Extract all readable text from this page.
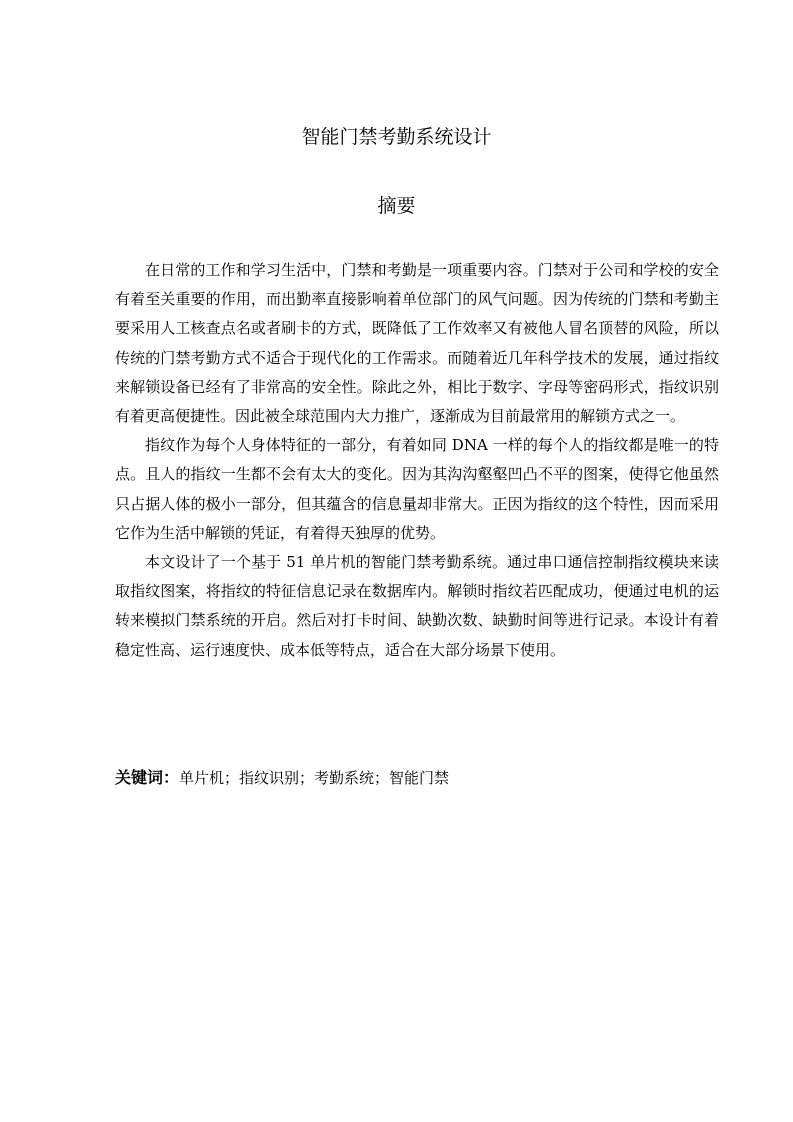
智能门禁考勤系统设计
摘要

在日常的工作和学习生活中，门禁和考勤是一项重要内容。门禁对于公司和学校的安全有着至关重要的作用，而出勤率直接影响着单位部门的风气问题。因为传统的门禁和考勤主要采用人工核查点名或者刷卡的方式，既降低了工作效率又有被他人冒名顶替的风险，所以传统的门禁考勤方式不适合于现代化的工作需求。而随着近几年科学技术的发展，通过指纹来解锁设备已经有了非常高的安全性。除此之外，相比于数字、字母等密码形式，指纹识别有着更高便捷性。因此被全球范围内大力推广，逐渐成为目前最常用的解锁方式之一。

指纹作为每个人身体特征的一部分，有着如同 DNA 一样的每个人的指纹都是唯一的特点。且人的指纹一生都不会有太大的变化。因为其沟沟壑壑凹凸不平的图案，使得它他虽然只占据人体的极小一部分，但其蕴含的信息量却非常大。正因为指纹的这个特性，因而采用它作为生活中解锁的凭证，有着得天独厚的优势。

本文设计了一个基于 51 单片机的智能门禁考勤系统。通过串口通信控制指纹模块来读取指纹图案，将指纹的特征信息记录在数据库内。解锁时指纹若匹配成功，便通过电机的运转来模拟门禁系统的开启。然后对打卡时间、缺勤次数、缺勤时间等进行记录。本设计有着稳定性高、运行速度快、成本低等特点，适合在大部分场景下使用。

关键词：单片机；指纹识别；考勤系统；智能门禁
